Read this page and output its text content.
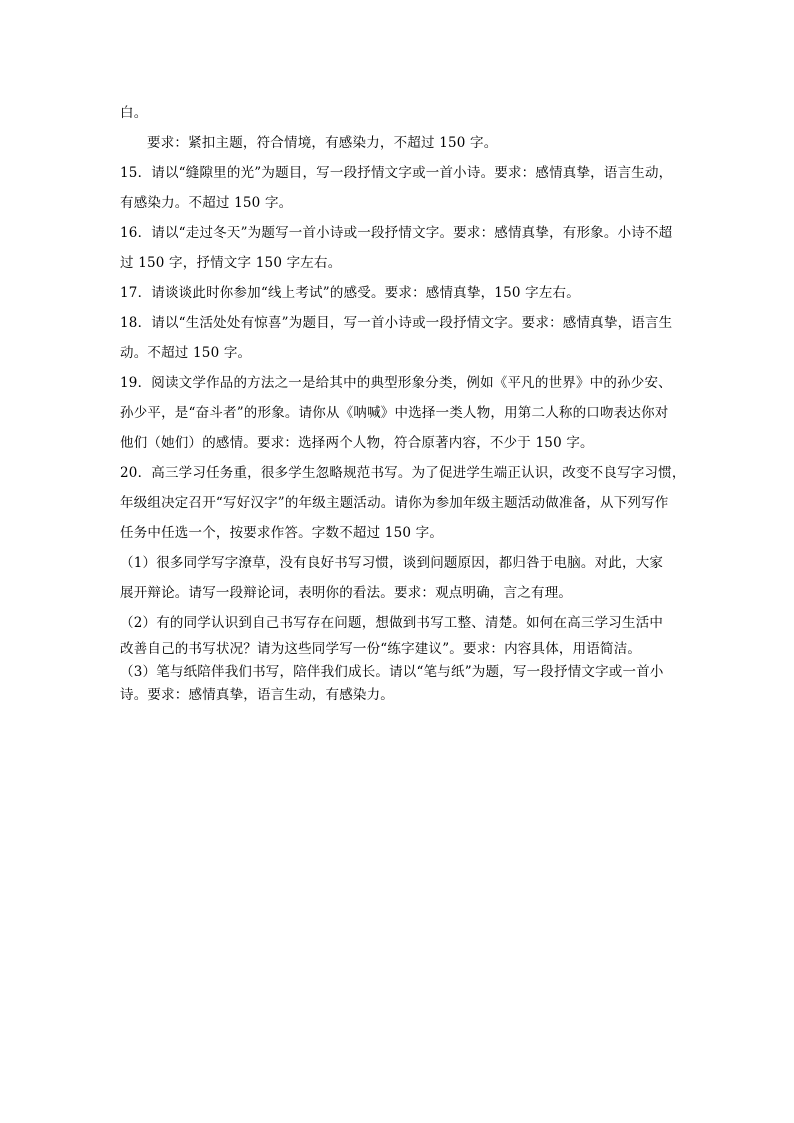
白。
要求：紧扣主题，符合情境，有感染力，不超过 150 字。
15．请以“缝隙里的光”为题目，写一段抒情文字或一首小诗。要求：感情真挚，语言生动，
有感染力。不超过 150 字。
16．请以“走过冬天”为题写一首小诗或一段抒情文字。要求：感情真挚，有形象。小诗不超
过 150 字，抒情文字 150 字左右。
17．请谈谈此时你参加“线上考试”的感受。要求：感情真挚，150 字左右。
18．请以“生活处处有惊喜”为题目，写一首小诗或一段抒情文字。要求：感情真挚，语言生
动。不超过 150 字。
19．阅读文学作品的方法之一是给其中的典型形象分类，例如《平凡的世界》中的孙少安、
孙少平，是“奋斗者”的形象。请你从《呐喊》中选择一类人物，用第二人称的口吻表达你对
他们（她们）的感情。要求：选择两个人物，符合原著内容，不少于 150 字。
20．高三学习任务重，很多学生忽略规范书写。为了促进学生端正认识，改变不良写字习惯，
年级组决定召开“写好汉字”的年级主题活动。请你为参加年级主题活动做准备，从下列写作
任务中任选一个，按要求作答。字数不超过 150 字。
（1）很多同学写字潦草，没有良好书写习惯，谈到问题原因，都归咎于电脑。对此，大家
展开辩论。请写一段辩论词，表明你的看法。要求：观点明确，言之有理。
（2）有的同学认识到自己书写存在问题，想做到书写工整、清楚。如何在高三学习生活中
改善自己的书写状况？请为这些同学写一份“练字建议”。要求：内容具体，用语简洁。
（3）笔与纸陪伴我们书写，陪伴我们成长。请以“笔与纸”为题，写一段抒情文字或一首小
诗。要求：感情真挚，语言生动，有感染力。
